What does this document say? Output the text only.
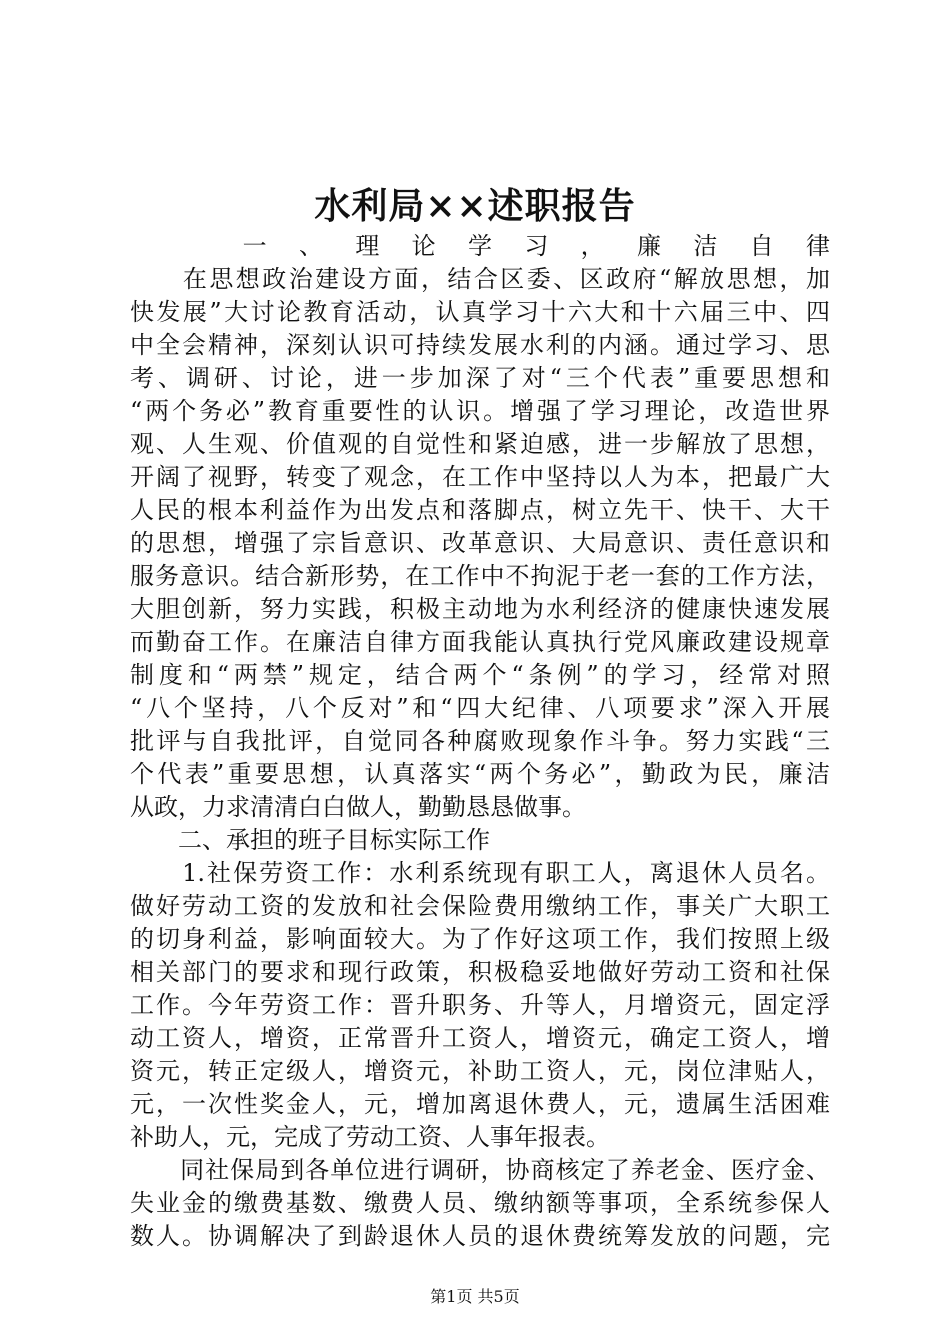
水利局××述职报告

　　一、理论学习，廉洁自律

　　在思想政治建设方面，结合区委、区政府“解放思想，加

快发展”大讨论教育活动，认真学习十六大和十六届三中、四

中全会精神，深刻认识可持续发展水利的内涵。通过学习、思

考、调研、讨论，进一步加深了对“三个代表”重要思想和

“两个务必”教育重要性的认识。增强了学习理论，改造世界

观、人生观、价值观的自觉性和紧迫感，进一步解放了思想，

开阔了视野，转变了观念，在工作中坚持以人为本，把最广大

人民的根本利益作为出发点和落脚点，树立先干、快干、大干

的思想，增强了宗旨意识、改革意识、大局意识、责任意识和

服务意识。结合新形势，在工作中不拘泥于老一套的工作方法，

大胆创新，努力实践，积极主动地为水利经济的健康快速发展

而勤奋工作。在廉洁自律方面我能认真执行党风廉政建设规章

制度和“两禁”规定，结合两个“条例”的学习，经常对照

“八个坚持，八个反对”和“四大纪律、八项要求”深入开展

批评与自我批评，自觉同各种腐败现象作斗争。努力实践“三

个代表”重要思想，认真落实“两个务必”，勤政为民，廉洁

从政，力求清清白白做人，勤勤恳恳做事。

　　二、承担的班子目标实际工作

　　1.社保劳资工作：水利系统现有职工人，离退休人员名。

做好劳动工资的发放和社会保险费用缴纳工作，事关广大职工

的切身利益，影响面较大。为了作好这项工作，我们按照上级

相关部门的要求和现行政策，积极稳妥地做好劳动工资和社保

工作。今年劳资工作：晋升职务、升等人，月增资元，固定浮

动工资人，增资，正常晋升工资人，增资元，确定工资人，增

资元，转正定级人，增资元，补助工资人，元，岗位津贴人，

元，一次性奖金人，元，增加离退休费人，元，遗属生活困难

补助人，元，完成了劳动工资、人事年报表。

　　同社保局到各单位进行调研，协商核定了养老金、医疗金、

失业金的缴费基数、缴费人员、缴纳额等事项，全系统参保人

数人。协调解决了到龄退休人员的退休费统筹发放的问题，完

第1页 共5页
